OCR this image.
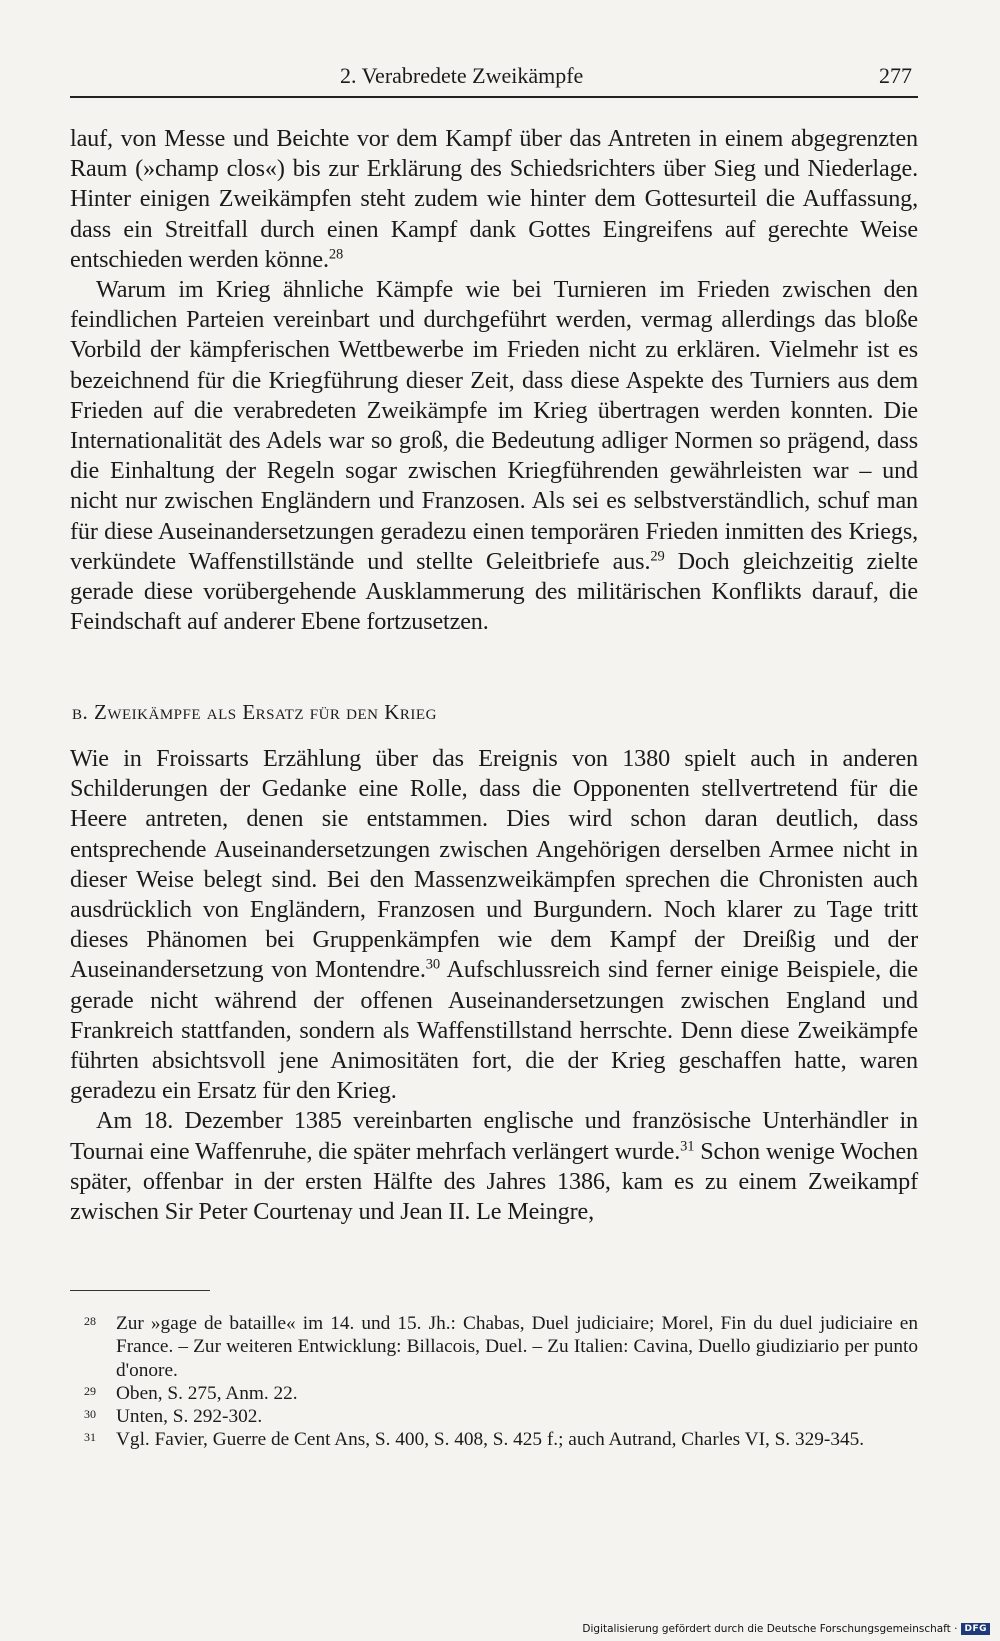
2. Verabredete Zweikämpfe	277

lauf, von Messe und Beichte vor dem Kampf über das Antreten in einem abgegrenzten Raum (»champ clos«) bis zur Erklärung des Schiedsrichters über Sieg und Niederlage. Hinter einigen Zweikämpfen steht zudem wie hinter dem Gottesurteil die Auffassung, dass ein Streitfall durch einen Kampf dank Gottes Eingreifens auf gerechte Weise entschieden werden könne.$^{28}$

Warum im Krieg ähnliche Kämpfe wie bei Turnieren im Frieden zwischen den feindlichen Parteien vereinbart und durchgeführt werden, vermag allerdings das bloße Vorbild der kämpferischen Wettbewerbe im Frieden nicht zu erklären. Vielmehr ist es bezeichnend für die Kriegführung dieser Zeit, dass diese Aspekte des Turniers aus dem Frieden auf die verabredeten Zweikämpfe im Krieg übertragen werden konnten. Die Internationalität des Adels war so groß, die Bedeutung adliger Normen so prägend, dass die Einhaltung der Regeln sogar zwischen Kriegführenden gewährleisten war – und nicht nur zwischen Engländern und Franzosen. Als sei es selbstverständlich, schuf man für diese Auseinandersetzungen geradezu einen temporären Frieden inmitten des Kriegs, verkündete Waffenstillstände und stellte Geleitbriefe aus.$^{29}$ Doch gleichzeitig zielte gerade diese vorübergehende Ausklammerung des militärischen Konflikts darauf, die Feindschaft auf anderer Ebene fortzusetzen.

b. Zweikämpfe als Ersatz für den Krieg

Wie in Froissarts Erzählung über das Ereignis von 1380 spielt auch in anderen Schilderungen der Gedanke eine Rolle, dass die Opponenten stellvertretend für die Heere antreten, denen sie entstammen. Dies wird schon daran deutlich, dass entsprechende Auseinandersetzungen zwischen Angehörigen derselben Armee nicht in dieser Weise belegt sind. Bei den Massenzweikämpfen sprechen die Chronisten auch ausdrücklich von Engländern, Franzosen und Burgundern. Noch klarer zu Tage tritt dieses Phänomen bei Gruppenkämpfen wie dem Kampf der Dreißig und der Auseinandersetzung von Montendre.$^{30}$ Aufschlussreich sind ferner einige Beispiele, die gerade nicht während der offenen Auseinandersetzungen zwischen England und Frankreich stattfanden, sondern als Waffenstillstand herrschte. Denn diese Zweikämpfe führten absichtsvoll jene Animositäten fort, die der Krieg geschaffen hatte, waren geradezu ein Ersatz für den Krieg.

Am 18. Dezember 1385 vereinbarten englische und französische Unterhändler in Tournai eine Waffenruhe, die später mehrfach verlängert wurde.$^{31}$ Schon wenige Wochen später, offenbar in der ersten Hälfte des Jahres 1386, kam es zu einem Zweikampf zwischen Sir Peter Courtenay und Jean II. Le Meingre,

28 Zur »gage de bataille« im 14. und 15. Jh.: Chabas, Duel judiciaire; Morel, Fin du duel judiciaire en France. – Zur weiteren Entwicklung: Billacois, Duel. – Zu Italien: Cavina, Duello giudiziario per punto d'onore.
29 Oben, S. 275, Anm. 22.
30 Unten, S. 292-302.
31 Vgl. Favier, Guerre de Cent Ans, S. 400, S. 408, S. 425 f.; auch Autrand, Charles VI, S. 329-345.
Digitalisierung gefördert durch die Deutsche Forschungsgemeinschaft · DFG
